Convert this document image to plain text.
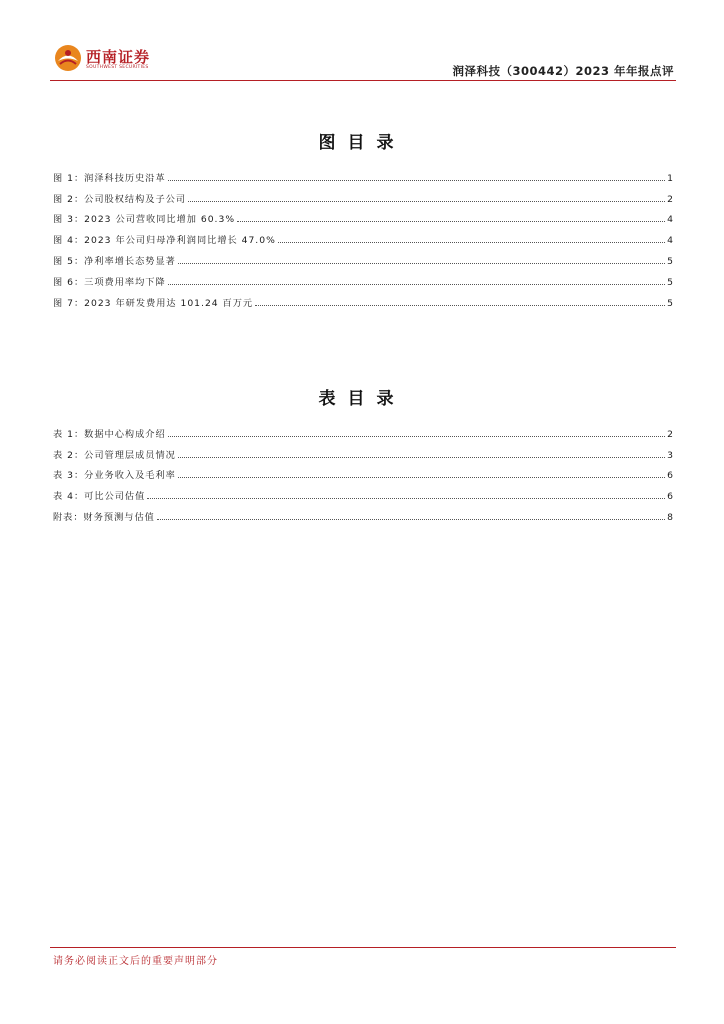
西南证券
SOUTHWEST SECURITIES	润泽科技（300442）2023 年年报点评
图目录
图 1：润泽科技历史沿革	1
图 2：公司股权结构及子公司	2
图 3：2023 公司营收同比增加 60.3%	4
图 4：2023 年公司归母净利润同比增长 47.0%	4
图 5：净利率增长态势显著	5
图 6：三项费用率均下降	5
图 7：2023 年研发费用达 101.24 百万元	5
表目录
表 1：数据中心构成介绍	2
表 2：公司管理层成员情况	3
表 3：分业务收入及毛利率	6
表 4：可比公司估值	6
附表：财务预测与估值	8
请务必阅读正文后的重要声明部分
